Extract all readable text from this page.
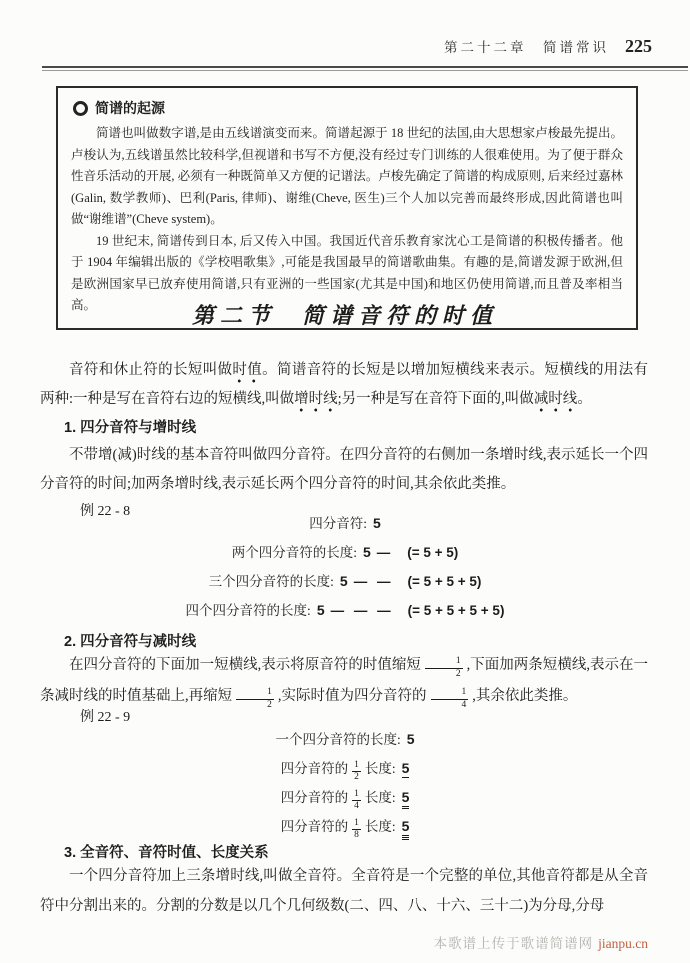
第二十二章　简谱常识 225
简谱的起源

简谱也叫做数字谱,是由五线谱演变而来。简谱起源于 18 世纪的法国,由大思想家卢梭最先提出。卢梭认为,五线谱虽然比较科学,但视谱和书写不方便,没有经过专门训练的人很难使用。为了便于群众性音乐活动的开展, 必须有一种既简单又方便的记谱法。卢梭先确定了简谱的构成原则, 后来经过嘉林(Galin, 数学教师)、巴利(Paris, 律师)、谢维(Cheve, 医生)三个人加以完善而最终形成,因此简谱也叫做“谢维谱”(Cheve system)。

19 世纪末, 简谱传到日本, 后又传入中国。我国近代音乐教育家沈心工是简谱的积极传播者。他于 1904 年编辑出版的《学校唱歌集》,可能是我国最早的简谱歌曲集。有趣的是,简谱发源于欧洲,但是欧洲国家早已放弃使用简谱,只有亚洲的一些国家(尤其是中国)和地区仍使用简谱,而且普及率相当高。	第二节 简谱音符的时值

音符和休止符的长短叫做时值。简谱音符的长短是以增加短横线来表示。短横线的用法有两种:一种是写在音符右边的短横线,叫做增时线;另一种是写在音符下面的,叫做减时线。

1. 四分音符与增时线

不带增(减)时线的基本音符叫做四分音符。在四分音符的右侧加一条增时线,表示延长一个四分音符的时间;加两条增时线,表示延长两个四分音符的时间,其余依此类推。

例 22 - 8

四分音符: 5
两个四分音符的长度: 5 — (= 5 + 5)
三个四分音符的长度: 5 — — (= 5 + 5 + 5)
四个四分音符的长度: 5 — — — (= 5 + 5 + 5 + 5)
2. 四分音符与减时线

在四分音符的下面加一短横线,表示将原音符的时值缩短 $\frac{1}{2}$ ,下面加两条短横线,表示在一条减时线的时值基础上,再缩短 $\frac{1}{2}$ ,实际时值为四分音符的 $\frac{1}{4}$ ,其余依此类推。

例 22 - 9

一个四分音符的长度: 5
四分音符的 $\frac{1}{2}$ 长度: 5
四分音符的 $\frac{1}{4}$ 长度: 5
四分音符的 $\frac{1}{8}$ 长度: 5
3. 全音符、音符时值、长度关系

一个四分音符加上三条增时线,叫做全音符。全音符是一个完整的单位,其他音符都是从全音符中分割出来的。分割的分数是以几个几何级数(二、四、八、十六、三十二)为分母,分母

本歌谱上传于歌谱简谱网 jianpu.cn
